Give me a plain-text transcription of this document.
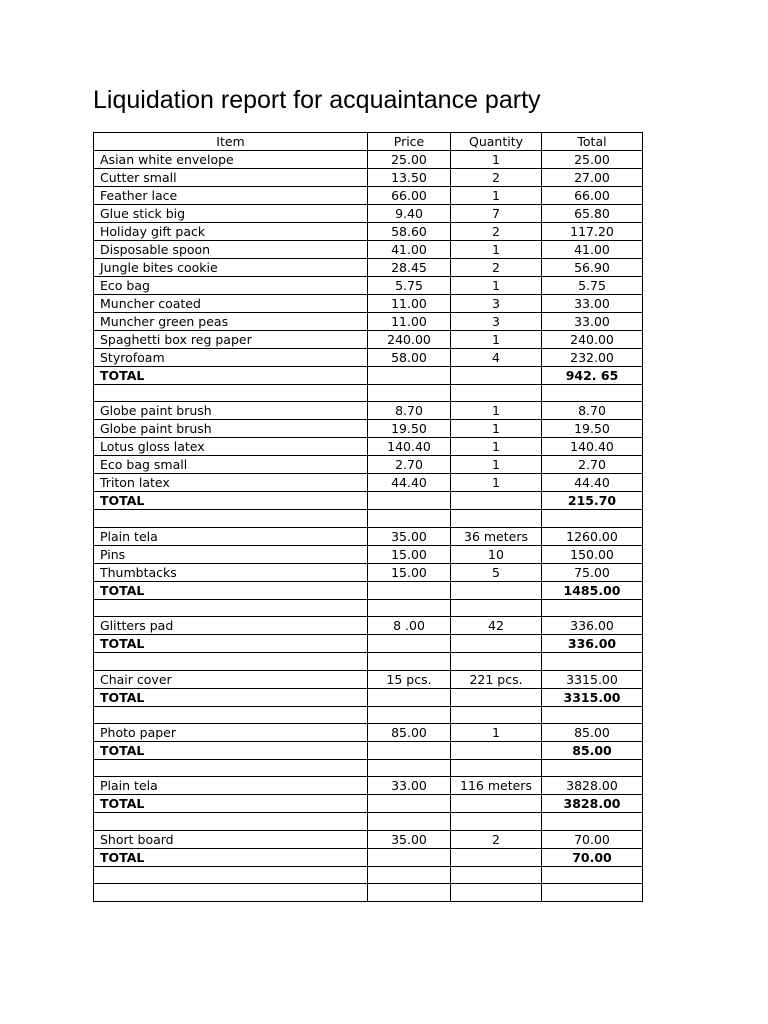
Liquidation report for acquaintance party
Item	Price	Quantity	Total
Asian white envelope	25.00	1	25.00
Cutter small	13.50	2	27.00
Feather lace	66.00	1	66.00
Glue stick big	9.40	7	65.80
Holiday gift pack	58.60	2	117.20
Disposable spoon	41.00	1	41.00
Jungle bites cookie	28.45	2	56.90
Eco bag	5.75	1	5.75
Muncher coated	11.00	3	33.00
Muncher green peas	11.00	3	33.00
Spaghetti box reg paper	240.00	1	240.00
Styrofoam	58.00	4	232.00
TOTAL			942. 65

Globe paint brush	8.70	1	8.70
Globe paint brush	19.50	1	19.50
Lotus gloss latex	140.40	1	140.40
Eco bag small	2.70	1	2.70
Triton latex	44.40	1	44.40
TOTAL			215.70

Plain tela	35.00	36 meters	1260.00
Pins	15.00	10	150.00
Thumbtacks	15.00	5	75.00
TOTAL			1485.00

Glitters pad	8 .00	42	336.00
TOTAL			336.00

Chair cover	15 pcs.	221 pcs.	3315.00
TOTAL			3315.00

Photo paper	85.00	1	85.00
TOTAL			85.00

Plain tela	33.00	116 meters	3828.00
TOTAL			3828.00

Short board	35.00	2	70.00
TOTAL			70.00
